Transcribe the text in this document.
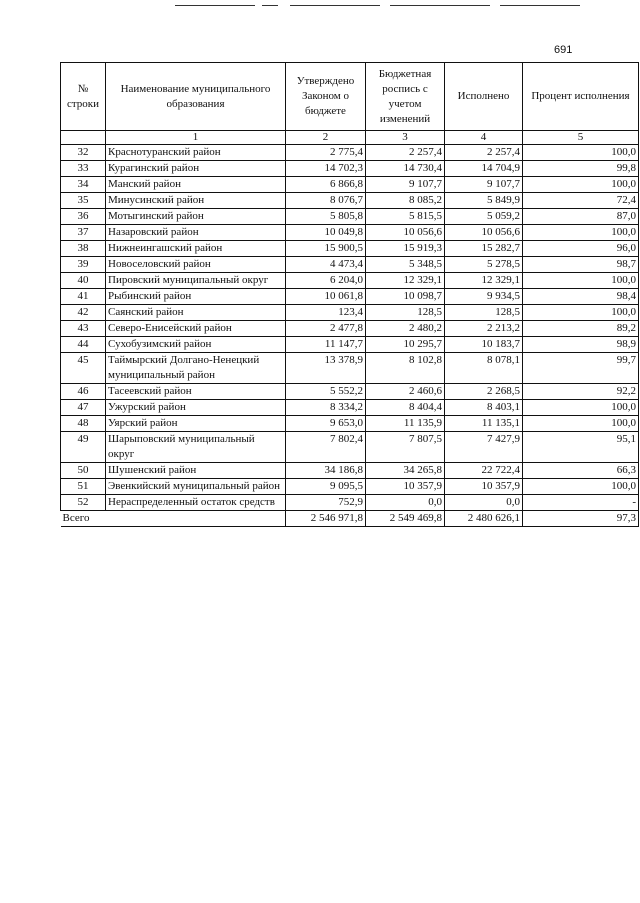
691
№ строки	Наименование муниципального образования	Утверждено Законом о бюджете	Бюджетная роспись с учетом изменений	Исполнено	Процент исполнения
	1	2	3	4	5
32	Краснотуранский район	2 775,4	2 257,4	2 257,4	100,0
33	Курагинский район	14 702,3	14 730,4	14 704,9	99,8
34	Манский район	6 866,8	9 107,7	9 107,7	100,0
35	Минусинский район	8 076,7	8 085,2	5 849,9	72,4
36	Мотыгинский район	5 805,8	5 815,5	5 059,2	87,0
37	Назаровский район	10 049,8	10 056,6	10 056,6	100,0
38	Нижнеингашский район	15 900,5	15 919,3	15 282,7	96,0
39	Новоселовский район	4 473,4	5 348,5	5 278,5	98,7
40	Пировский муниципальный округ	6 204,0	12 329,1	12 329,1	100,0
41	Рыбинский район	10 061,8	10 098,7	9 934,5	98,4
42	Саянский район	123,4	128,5	128,5	100,0
43	Северо-Енисейский район	2 477,8	2 480,2	2 213,2	89,2
44	Сухобузимский район	11 147,7	10 295,7	10 183,7	98,9
45	Таймырский Долгано-Ненецкий муниципальный район	13 378,9	8 102,8	8 078,1	99,7
46	Тасеевский район	5 552,2	2 460,6	2 268,5	92,2
47	Ужурский район	8 334,2	8 404,4	8 403,1	100,0
48	Уярский район	9 653,0	11 135,9	11 135,1	100,0
49	Шарыповский муниципальный округ	7 802,4	7 807,5	7 427,9	95,1
50	Шушенский район	34 186,8	34 265,8	22 722,4	66,3
51	Эвенкийский муниципальный район	9 095,5	10 357,9	10 357,9	100,0
52	Нераспределенный остаток средств	752,9	0,0	0,0	-
Всего		2 546 971,8	2 549 469,8	2 480 626,1	97,3
